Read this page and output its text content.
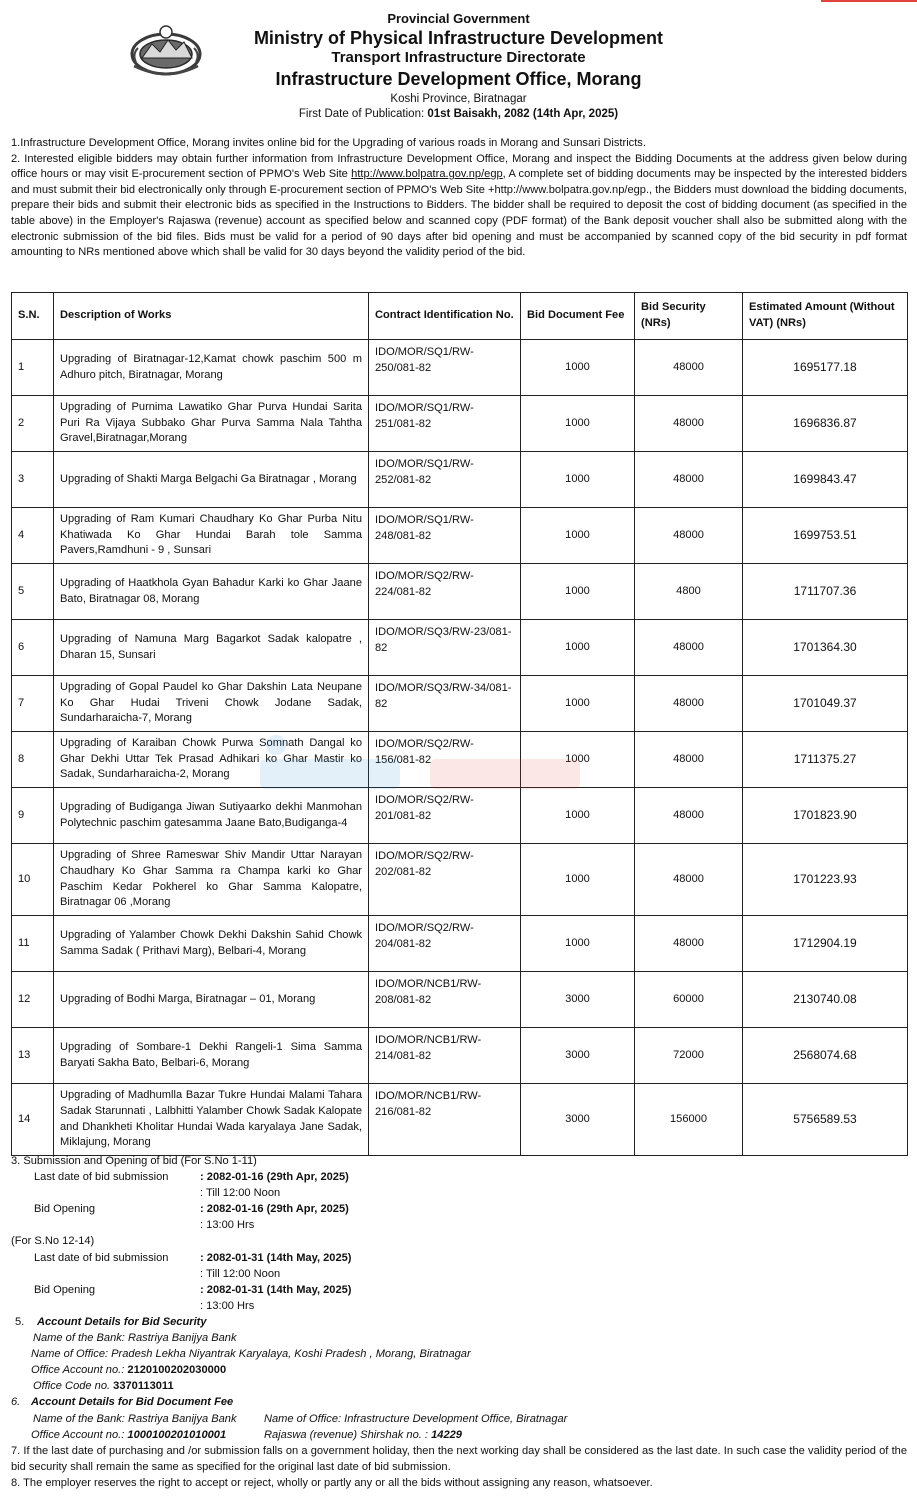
Provincial Government
Ministry of Physical Infrastructure Development
Transport Infrastructure Directorate
Infrastructure Development Office, Morang
Koshi Province, Biratnagar
First Date of Publication: 01st Baisakh, 2082 (14th Apr, 2025)

1.Infrastructure Development Office, Morang invites online bid for the Upgrading of various roads in Morang and Sunsari Districts.

2. Interested eligible bidders may obtain further information from Infrastructure Development Office, Morang and inspect the Bidding Documents at the address given below during office hours or may visit E-procurement section of PPMO's Web Site http://www.bolpatra.gov.np/egp, A complete set of bidding documents may be inspected by the interested bidders and must submit their bid electronically only through E-procurement section of PPMO's Web Site +http://www.bolpatra.gov.np/egp., the Bidders must download the bidding documents, prepare their bids and submit their electronic bids as specified in the Instructions to Bidders. The bidder shall be required to deposit the cost of bidding document (as specified in the table above) in the Employer's Rajaswa (revenue) account as specified below and scanned copy (PDF format) of the Bank deposit voucher shall also be submitted along with the electronic submission of the bid files. Bids must be valid for a period of 90 days after bid opening and must be accompanied by scanned copy of the bid security in pdf format amounting to NRs mentioned above which shall be valid for 30 days beyond the validity period of the bid.

S.N.	Description of Works	Contract Identification No.	Bid Document Fee	Bid Security (NRs)	Estimated Amount (Without VAT) (NRs)
1	Upgrading of Biratnagar-12,Kamat chowk paschim 500 m Adhuro pitch, Biratnagar, Morang	IDO/MOR/SQ1/RW-250/081-82	1000	48000	1695177.18
2	Upgrading of Purnima Lawatiko Ghar Purva Hundai Sarita Puri Ra Vijaya Subbako Ghar Purva Samma Nala Tahtha Gravel,Biratnagar,Morang	IDO/MOR/SQ1/RW-251/081-82	1000	48000	1696836.87
3	Upgrading of Shakti Marga Belgachi Ga Biratnagar , Morang	IDO/MOR/SQ1/RW-252/081-82	1000	48000	1699843.47
4	Upgrading of Ram Kumari Chaudhary Ko Ghar Purba Nitu Khatiwada Ko Ghar Hundai Barah tole Samma Pavers,Ramdhuni - 9 , Sunsari	IDO/MOR/SQ1/RW-248/081-82	1000	48000	1699753.51
5	Upgrading of Haatkhola Gyan Bahadur Karki ko Ghar Jaane Bato, Biratnagar 08, Morang	IDO/MOR/SQ2/RW-224/081-82	1000	4800	1711707.36
6	Upgrading of Namuna Marg Bagarkot Sadak kalopatre , Dharan 15, Sunsari	IDO/MOR/SQ3/RW-23/081-82	1000	48000	1701364.30
7	Upgrading of Gopal Paudel ko Ghar Dakshin Lata Neupane Ko Ghar Hudai Triveni Chowk Jodane Sadak, Sundarharaicha-7, Morang	IDO/MOR/SQ3/RW-34/081-82	1000	48000	1701049.37
8	Upgrading of Karaiban Chowk Purwa Somnath Dangal ko Ghar Dekhi Uttar Tek Prasad Adhikari ko Ghar Mastir ko Sadak, Sundarharaicha-2, Morang	IDO/MOR/SQ2/RW-156/081-82	1000	48000	1711375.27
9	Upgrading of Budiganga Jiwan Sutiyaarko dekhi Manmohan Polytechnic paschim gatesamma Jaane Bato,Budiganga-4	IDO/MOR/SQ2/RW-201/081-82	1000	48000	1701823.90
10	Upgrading of Shree Rameswar Shiv Mandir Uttar Narayan Chaudhary Ko Ghar Samma ra Champa karki ko Ghar Paschim Kedar Pokherel ko Ghar Samma Kalopatre, Biratnagar 06 ,Morang	IDO/MOR/SQ2/RW-202/081-82	1000	48000	1701223.93
11	Upgrading of Yalamber Chowk Dekhi Dakshin Sahid Chowk Samma Sadak ( Prithavi Marg), Belbari-4, Morang	IDO/MOR/SQ2/RW-204/081-82	1000	48000	1712904.19
12	Upgrading of Bodhi Marga, Biratnagar – 01, Morang	IDO/MOR/NCB1/RW-208/081-82	3000	60000	2130740.08
13	Upgrading of Sombare-1 Dekhi Rangeli-1 Sima Samma Baryati Sakha Bato, Belbari-6, Morang	IDO/MOR/NCB1/RW-214/081-82	3000	72000	2568074.68
14	Upgrading of Madhumlla Bazar Tukre Hundai Malami Tahara Sadak Starunnati , Lalbhitti Yalamber Chowk Sadak Kalopate and Dhankheti Kholitar Hundai Wada karyalaya Jane Sadak, Miklajung, Morang	IDO/MOR/NCB1/RW-216/081-82	3000	156000	5756589.53
3. Submission and Opening of bid (For S.No 1-11)
Last date of bid submission	: 2082-01-16 (29th Apr, 2025)
: Till 12:00 Noon
Bid Opening	: 2082-01-16 (29th Apr, 2025)
: 13:00 Hrs
(For S.No 12-14)
Last date of bid submission	: 2082-01-31 (14th May, 2025)
: Till 12:00 Noon
Bid Opening	: 2082-01-31 (14th May, 2025)
: 13:00 Hrs
5. Account Details for Bid Security
Name of the Bank: Rastriya Banijya Bank
Name of Office: Pradesh Lekha Niyantrak Karyalaya, Koshi Pradesh , Morang, Biratnagar
Office Account no.: 2120100202030000
Office Code no. 3370113011
6. Account Details for Bid Document Fee
Name of the Bank: Rastriya Banijya Bank Name of Office: Infrastructure Development Office, Biratnagar
Office Account no.: 1000100201010001	Rajaswa (revenue) Shirshak no. : 14229
7. If the last date of purchasing and /or submission falls on a government holiday, then the next working day shall be considered as the last date. In such case the validity period of the bid security shall remain the same as specified for the original last date of bid submission.
8. The employer reserves the right to accept or reject, wholly or partly any or all the bids without assigning any reason, whatsoever.
